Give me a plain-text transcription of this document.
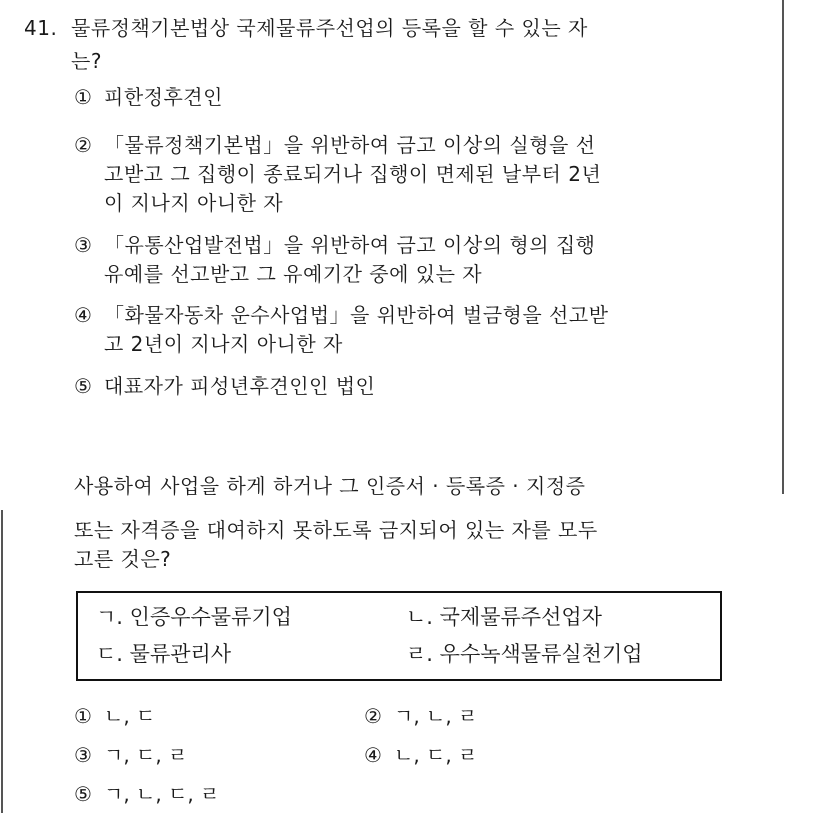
41. 물류정책기본법상 국제물류주선업의 등록을 할 수 있는 자
는?
① 피한정후견인
② 「물류정책기본법」을 위반하여 금고 이상의 실형을 선
고받고 그 집행이 종료되거나 집행이 면제된 날부터 2년
이 지나지 아니한 자
③ 「유통산업발전법」을 위반하여 금고 이상의 형의 집행
유예를 선고받고 그 유예기간 중에 있는 자
④ 「화물자동차 운수사업법」을 위반하여 벌금형을 선고받
고 2년이 지나지 아니한 자
⑤ 대표자가 피성년후견인인 법인
사용하여 사업을 하게 하거나 그 인증서 · 등록증 · 지정증
또는 자격증을 대여하지 못하도록 금지되어 있는 자를 모두
고른 것은?
ㄱ. 인증우수물류기업	ㄴ. 국제물류주선업자
ㄷ. 물류관리사	ㄹ. 우수녹색물류실천기업
① ㄴ, ㄷ	② ㄱ, ㄴ, ㄹ
③ ㄱ, ㄷ, ㄹ	④ ㄴ, ㄷ, ㄹ
⑤ ㄱ, ㄴ, ㄷ, ㄹ
